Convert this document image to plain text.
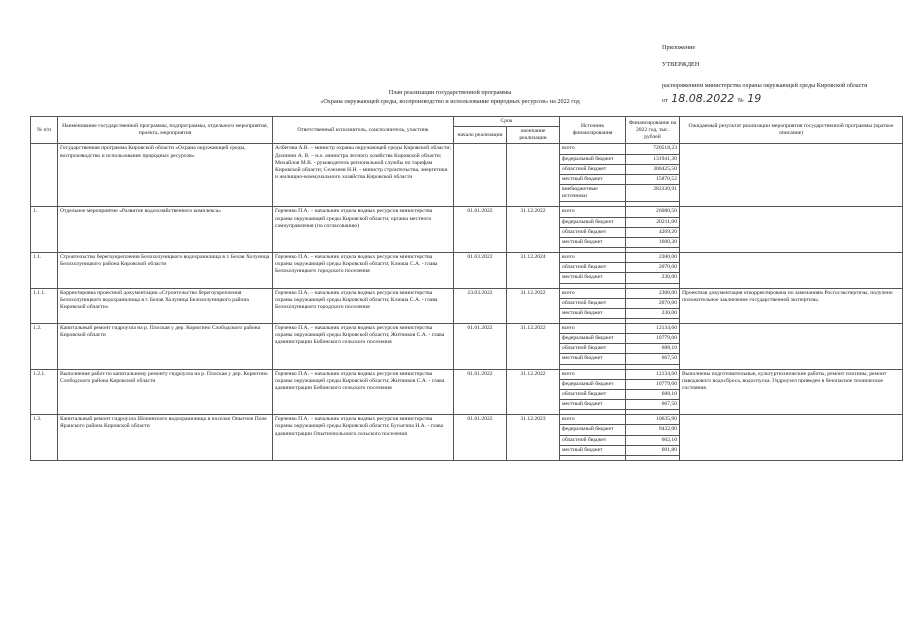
Приложение
УТВЕРЖДЕН
распоряжением министерства охраны окружающей среды Кировской области
от 18.08.2022 № 19
План реализации государственной программы
«Охрана окружающей среды, воспроизводство и использование природных ресурсов» на 2022 год
№ п/п	Наименование государственной программы, подпрограммы, отдельного мероприятия, проекта, мероприятия	Ответственный исполнитель, соисполнитель, участник	Срок		Источник финансирования	Финансирование на 2022 год, тыс. рублей	Ожидаемый результат реализации мероприятия государственной программы (краткое описание)
			начало реализации	окончание реализации			
	Государственная программа Кировской области «Охрана окружающей среды, воспроизводство и использование природных ресурсов»	Албегова А.В. – министр охраны окружающей среды Кировской области; Долинин А. В. – и.о. министра лесного хозяйства Кировской области; Михайлов М.В. - руководитель региональной службы по тарифам Кировской области; Селезнев Н.Н. - министр строительства, энергетики и жилищно-коммунального хозяйства Кировской области			всего	720518,23	
					федеральный бюджет	131941,30	
					областной бюджет	300425,50	
					местный бюджет	15870,52	
					внебюджетные источники	282330,91	

1.	Отдельное мероприятие «Развитие водохозяйственного комплекса»	Горченко П.А. – начальник отдела водных ресурсов министерства охраны окружающей среды Кировской области; органы местного самоуправления (по согласованию)	01.01.2022	31.12.2022	всего	26080,50	
					федеральный бюджет	20211,00	
					областной бюджет	4269,20	
					местный бюджет	1600,30	

1.1.	Строительство берегоукрепления Белохолуницкого водохранилища в г. Белая Холуница Белохолуницкого района Кировской области	Горченко П.А. – начальник отдела водных ресурсов министерства охраны окружающей среды Кировской области; Клюша С.А. - глава Белохолуницкого городского поселения	01.03.2022	31.12.2024	всего	2300,00	
					областной бюджет	2070,00	
					местный бюджет	230,00	

1.1.1.	Корректировка проектной документации «Строительство берегоукрепления Белохолуницкого водохранилища в г. Белая Холуница Белохолуницкого района Кировской области»	Горченко П.А. – начальник отдела водных ресурсов министерства охраны окружающей среды Кировской области; Клюша С.А. - глава Белохолуницкого городского поселения	23.03.2022	31.12.2022	всего	2300,00	Проектная документация откорректирована по замечаниям Росгосэкспертизы, получено положительное заключение государственной экспертизы.
					областной бюджет	2070,00	
					местный бюджет	230,00	

1.2.	Капитальный ремонт гидроузла на р. Плоская у дер. Корюгино Слободского района Кировской области	Горченко П.А. – начальник отдела водных ресурсов министерства охраны окружающей среды Кировской области; Житников С.А. - глава администрации Бобинского сельского поселения	01.01.2022	31.12.2022	всего	12134,60	
					федеральный бюджет	10779,00	
					областной бюджет	688,10	
					местный бюджет	667,50	

1.2.1.	Выполнение работ по капитальному ремонту гидроузла на р. Плоская у дер. Корюгино Слободского района Кировской области	Горченко П.А. – начальник отдела водных ресурсов министерства охраны окружающей среды Кировской области; Житников С.А. - глава администрации Бобинского сельского поселения	01.01.2022	31.12.2022	всего	12134,60	Выполнены подготовительные, культуртехнические работы, ремонт плотины, ремонт паводкового водосброса, водоспуска. Гидроузел приведен в безопасное техническое состояние.
					федеральный бюджет	10779,00	
					областной бюджет	688,10	
					местный бюджет	667,50	

1.3.	Капитальный ремонт гидроузла Шопинского водохранилища в поселке Опытное Поле Яранского района Кировской области	Горченко П.А. – начальник отдела водных ресурсов министерства охраны окружающей среды Кировской области; Бусыгина Н.А. - глава администрации Опытнопольского сельского поселения	01.01.2022	31.12.2023	всего	10635,90	
					федеральный бюджет	9432,00	
					областной бюджет	602,10	
					местный бюджет	601,80	
